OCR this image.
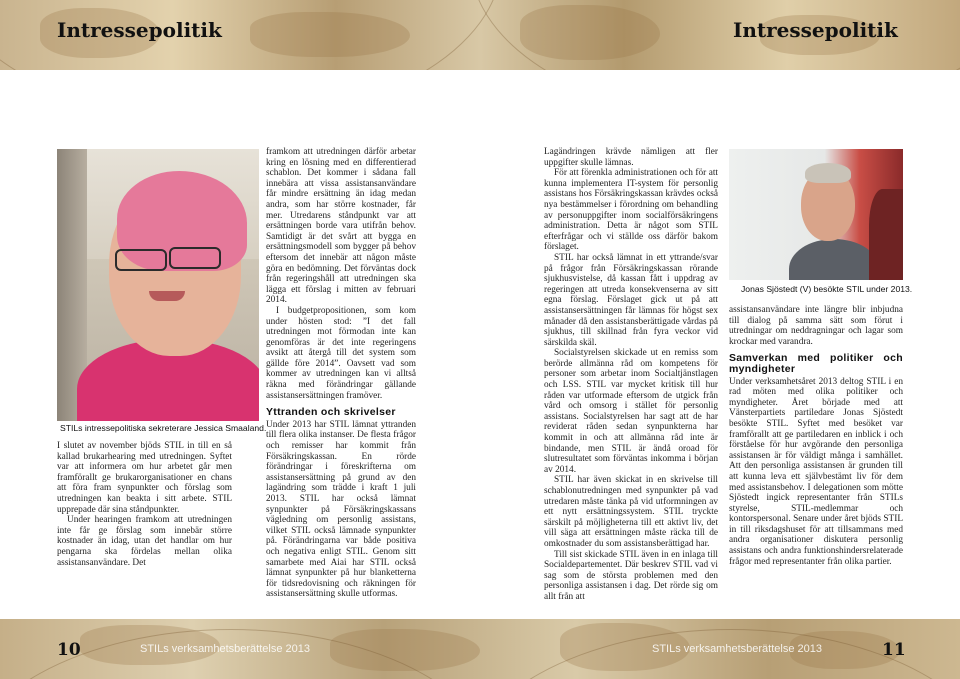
Intressepolitik	Intressepolitik
STILs intressepolitiska sekreterare Jessica Smaaland.

I slutet av november bjöds STIL in till en så kallad brukarhearing med utredningen. Syftet var att informera om hur arbetet går men framförallt ge brukarorganisationer en chans att föra fram synpunkter och förslag som utredningen kan beakta i sitt arbete. STIL upprepade där sina ståndpunkter.

Under hearingen framkom att utredningen inte får ge förslag som innebär större kostnader än idag, utan det handlar om hur pengarna ska fördelas mellan olika assistansanvändare. Det

framkom att utredningen därför arbetar kring en lösning med en differentierad schablon. Det kommer i sådana fall innebära att vissa assistansanvändare får mindre ersättning än idag medan andra, som har större kostnader, får mer. Utredarens ståndpunkt var att ersättningen borde vara utifrån behov. Samtidigt är det svårt att bygga en ersättningsmodell som bygger på behov eftersom det innebär att någon måste göra en bedömning. Det förväntas dock från regeringshåll att utredningen ska lägga ett förslag i mitten av februari 2014.

I budgetpropositionen, som kom under hösten stod: ”I det fall utredningen mot förmodan inte kan genomföras är det inte regeringens avsikt att återgå till det system som gällde före 2014”. Oavsett vad som kommer av utredningen kan vi alltså räkna med förändringar gällande assistansersättningen framöver.

Yttranden och skrivelser

Under 2013 har STIL lämnat yttranden till flera olika instanser. De flesta frågor och remisser har kommit från Försäkringskassan. En rörde förändringar i föreskrifterna om assistansersättning på grund av den lagändring som trädde i kraft 1 juli 2013. STIL har också lämnat synpunkter på Försäkringskassans vägledning om personlig assistans, vilket STIL också lämnade synpunkter på. Förändringarna var både positiva och negativa enligt STIL. Genom sitt samarbete med Aiai har STIL också lämnat synpunkter på hur blanketterna för tidsredovisning och räkningen för assistansersättning skulle utformas.

Lagändringen krävde nämligen att fler uppgifter skulle lämnas.

För att förenkla administrationen och för att kunna implementera IT-system för personlig assistans hos Försäkringskassan krävdes också nya bestämmelser i förordning om behandling av personuppgifter inom socialförsäkringens administration. Detta är något som STIL efterfrågar och vi ställde oss därför bakom förslaget.

STIL har också lämnat in ett yttrande/svar på frågor från Försäkringskassan rörande sjukhusvistelse, då kassan fått i uppdrag av regeringen att utreda konsekvenserna av sitt egna förslag. Förslaget gick ut på att assistansersättningen får lämnas för högst sex månader då den assistansberättigade vårdas på sjukhus, till skillnad från fyra veckor vid särskilda skäl.

Socialstyrelsen skickade ut en remiss som berörde allmänna råd om kompetens för personer som arbetar inom Socialtjänstlagen och LSS. STIL var mycket kritisk till hur råden var utformade eftersom de utgick från vård och omsorg i stället för personlig assistans. Socialstyrelsen har sagt att de har reviderat råden sedan synpunkterna har kommit in och att allmänna råd inte är bindande, men STIL är ändå oroad för slutresultatet som förväntas inkomma i början av 2014.

STIL har även skickat in en skrivelse till schablonutredningen med synpunkter på vad utredaren måste tänka på vid utformningen av ett nytt ersättningssystem. STIL tryckte särskilt på möjligheterna till ett aktivt liv, det vill säga att ersättningen måste räcka till de omkostnader du som assistansberättigad har.

Till sist skickade STIL även in en inlaga till Socialdepartementet. Där beskrev STIL vad vi sag som de största problemen med den personliga assistansen i dag. Det rörde sig om allt från att

Jonas Sjöstedt (V) besökte STIL under 2013.

assistansanvändare inte längre blir inbjudna till dialog på samma sätt som förut i utredningar om neddragningar och lagar som krockar med varandra.

Samverkan med politiker och myndigheter

Under verksamhetsåret 2013 deltog STIL i en rad möten med olika politiker och myndigheter. Året började med att Vänsterpartiets partiledare Jonas Sjöstedt besökte STIL. Syftet med besöket var framförallt att ge partiledaren en inblick i och förståelse för hur avgörande den personliga assistansen är för väldigt många i samhället. Att den personliga assistansen är grunden till att kunna leva ett självbestämt liv för dem med assistansbehov. I delegationen som mötte Sjöstedt ingick representanter från STILs styrelse, STIL-medlemmar och kontorspersonal. Senare under året bjöds STIL in till riksdagshuset för att tillsammans med andra organisationer diskutera personlig assistans och andra funktionshindersrelaterade frågor med representanter från olika partier.

10	STILs verksamhetsberättelse 2013	STILs verksamhetsberättelse 2013	11
